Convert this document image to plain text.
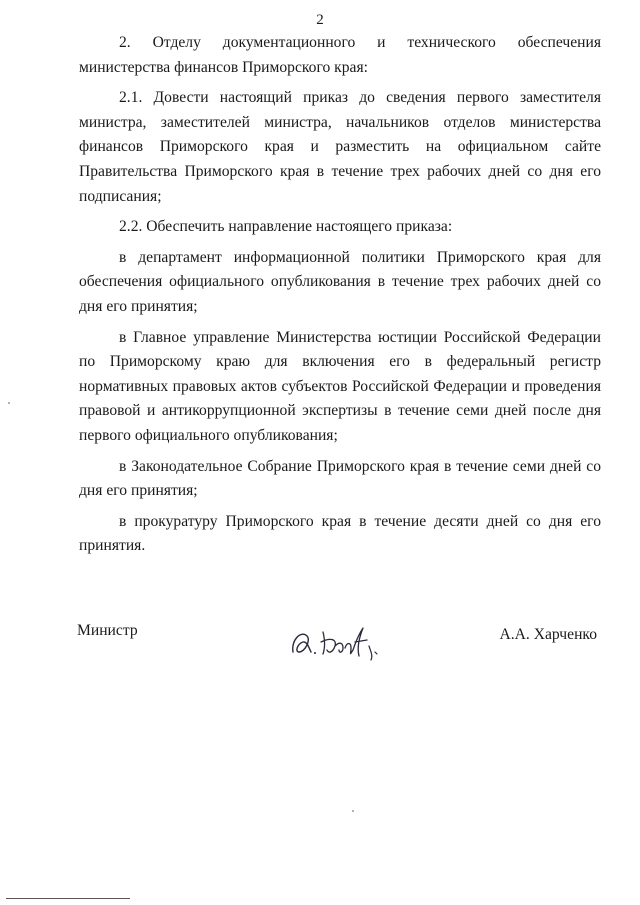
2

2. Отделу документационного и технического обеспечения министерства финансов Приморского края:

2.1. Довести настоящий приказ до сведения первого заместителя министра, заместителей министра, начальников отделов министерства финансов Приморского края и разместить на официальном сайте Правительства Приморского края в течение трех рабочих дней со дня его подписания;

2.2. Обеспечить направление настоящего приказа:

в департамент информационной политики Приморского края для обеспечения официального опубликования в течение трех рабочих дней со дня его принятия;

в Главное управление Министерства юстиции Российской Федерации по Приморскому краю для включения его в федеральный регистр нормативных правовых актов субъектов Российской Федерации и проведения правовой и антикоррупционной экспертизы в течение семи дней после дня первого официального опубликования;

в Законодательное Собрание Приморского края в течение семи дней со дня его принятия;

в прокуратуру Приморского края в течение десяти дней со дня его принятия.

Министр	А.А. Харченко
